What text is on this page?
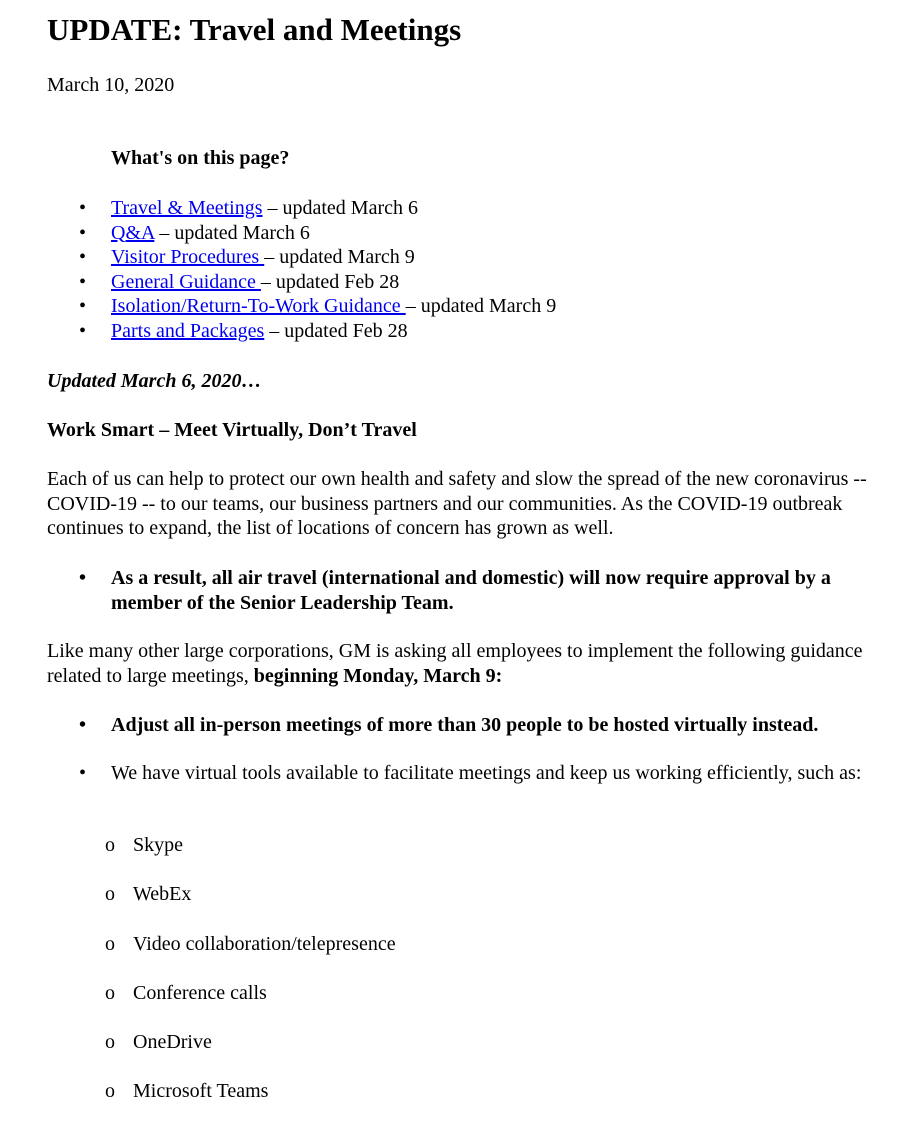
UPDATE: Travel and Meetings
March 10, 2020
What's on this page?
• Travel & Meetings – updated March 6
• Q&A – updated March 6
• Visitor Procedures – updated March 9
• General Guidance – updated Feb 28
• Isolation/Return-To-Work Guidance – updated March 9
• Parts and Packages – updated Feb 28
Updated March 6, 2020…
Work Smart – Meet Virtually, Don’t Travel
Each of us can help to protect our own health and safety and slow the spread of the new coronavirus -- COVID-19 -- to our teams, our business partners and our communities. As the COVID-19 outbreak continues to expand, the list of locations of concern has grown as well.
• As a result, all air travel (international and domestic) will now require approval by a member of the Senior Leadership Team.
Like many other large corporations, GM is asking all employees to implement the following guidance related to large meetings, beginning Monday, March 9:
• Adjust all in-person meetings of more than 30 people to be hosted virtually instead.
• We have virtual tools available to facilitate meetings and keep us working efficiently, such as:
o Skype
o WebEx
o Video collaboration/telepresence
o Conference calls
o OneDrive
o Microsoft Teams
